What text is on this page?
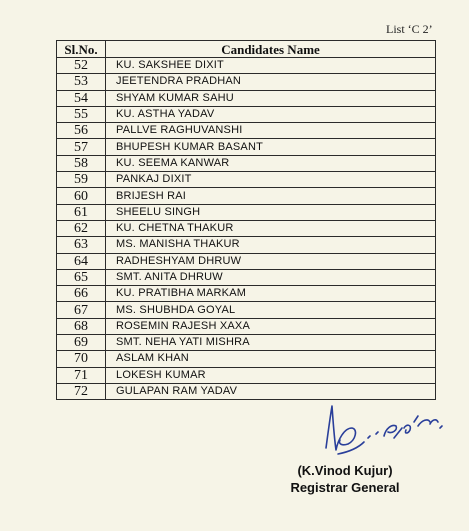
List ‘C 2’
Sl.No.	Candidates Name
52	KU. SAKSHEE DIXIT
53	JEETENDRA PRADHAN
54	SHYAM KUMAR SAHU
55	KU. ASTHA YADAV
56	PALLVE RAGHUVANSHI
57	BHUPESH KUMAR BASANT
58	KU. SEEMA KANWAR
59	PANKAJ DIXIT
60	BRIJESH RAI
61	SHEELU SINGH
62	KU. CHETNA THAKUR
63	MS. MANISHA THAKUR
64	RADHESHYAM DHRUW
65	SMT. ANITA DHRUW
66	KU. PRATIBHA MARKAM
67	MS. SHUBHDA GOYAL
68	ROSEMIN RAJESH XAXA
69	SMT. NEHA YATI MISHRA
70	ASLAM KHAN
71	LOKESH KUMAR
72	GULAPAN RAM YADAV
(K.Vinod Kujur)
Registrar General
